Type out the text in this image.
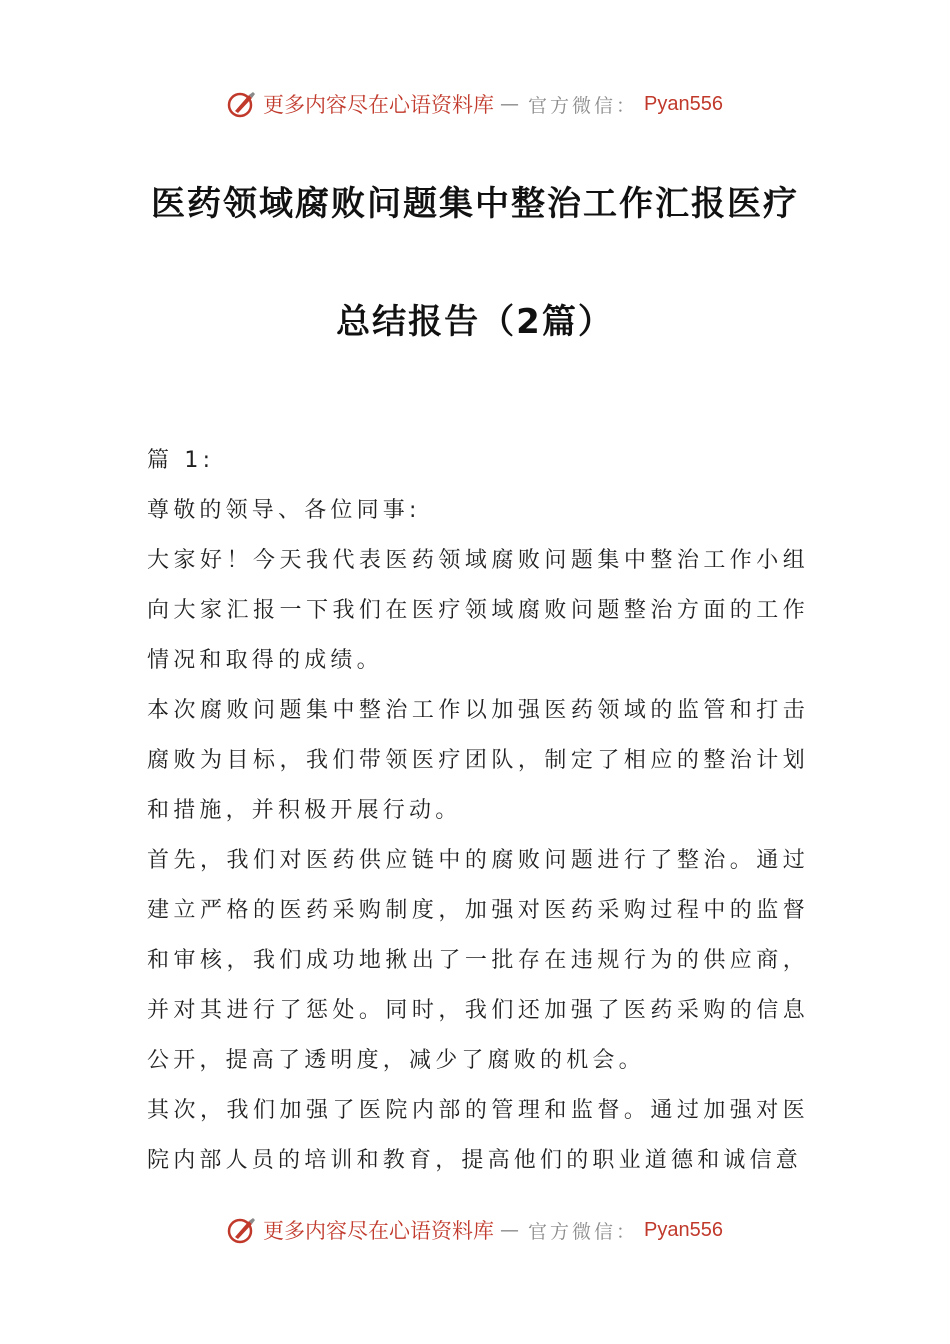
更多内容尽在心语资料库 — 官方微信： Pyan556
医药领域腐败问题集中整治工作汇报医疗
总结报告（2篇）

篇 1:

尊敬的领导、各位同事:

大家好！今天我代表医药领域腐败问题集中整治工作小组向大家汇报一下我们在医疗领域腐败问题整治方面的工作情况和取得的成绩。

本次腐败问题集中整治工作以加强医药领域的监管和打击腐败为目标，我们带领医疗团队，制定了相应的整治计划和措施，并积极开展行动。

首先，我们对医药供应链中的腐败问题进行了整治。通过建立严格的医药采购制度，加强对医药采购过程中的监督和审核，我们成功地揪出了一批存在违规行为的供应商，并对其进行了惩处。同时，我们还加强了医药采购的信息公开，提高了透明度，减少了腐败的机会。

其次，我们加强了医院内部的管理和监督。通过加强对医院内部人员的培训和教育，提高他们的职业道德和诚信意

更多内容尽在心语资料库 — 官方微信： Pyan556
